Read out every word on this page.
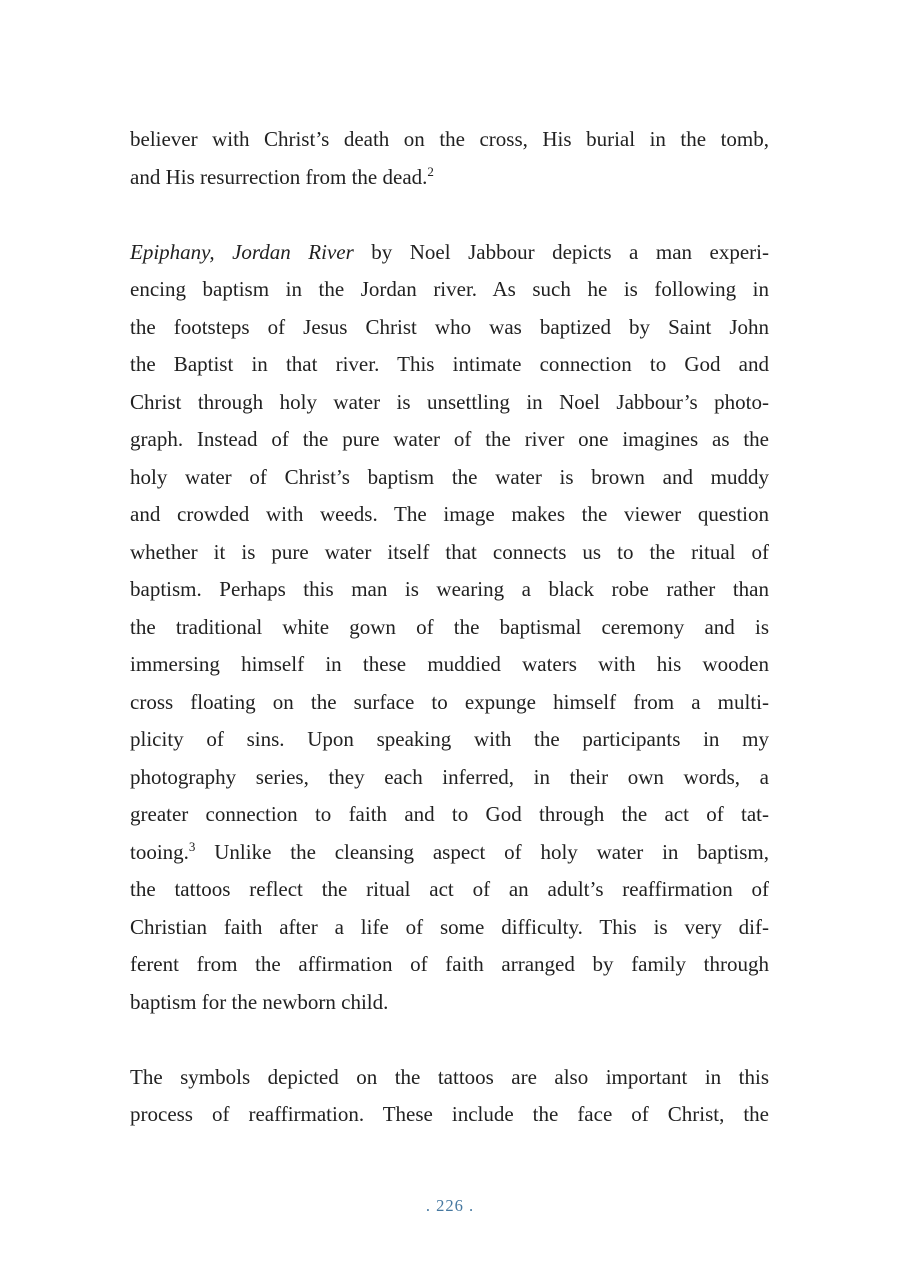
believer with Christ’s death on the cross, His burial in the tomb,
and His resurrection from the dead.$^2$
Epiphany, Jordan River by Noel Jabbour depicts a man experi-
encing baptism in the Jordan river. As such he is following in
the footsteps of Jesus Christ who was baptized by Saint John
the Baptist in that river. This intimate connection to God and
Christ through holy water is unsettling in Noel Jabbour’s photo-
graph. Instead of the pure water of the river one imagines as the
holy water of Christ’s baptism the water is brown and muddy
and crowded with weeds. The image makes the viewer question
whether it is pure water itself that connects us to the ritual of
baptism. Perhaps this man is wearing a black robe rather than
the traditional white gown of the baptismal ceremony and is
immersing himself in these muddied waters with his wooden
cross floating on the surface to expunge himself from a multi-
plicity of sins. Upon speaking with the participants in my
photography series, they each inferred, in their own words, a
greater connection to faith and to God through the act of tat-
tooing.$^3$ Unlike the cleansing aspect of holy water in baptism,
the tattoos reflect the ritual act of an adult’s reaffirmation of
Christian faith after a life of some difficulty. This is very dif-
ferent from the affirmation of faith arranged by family through
baptism for the newborn child.
The symbols depicted on the tattoos are also important in this
process of reaffirmation. These include the face of Christ, the
. 226 .
